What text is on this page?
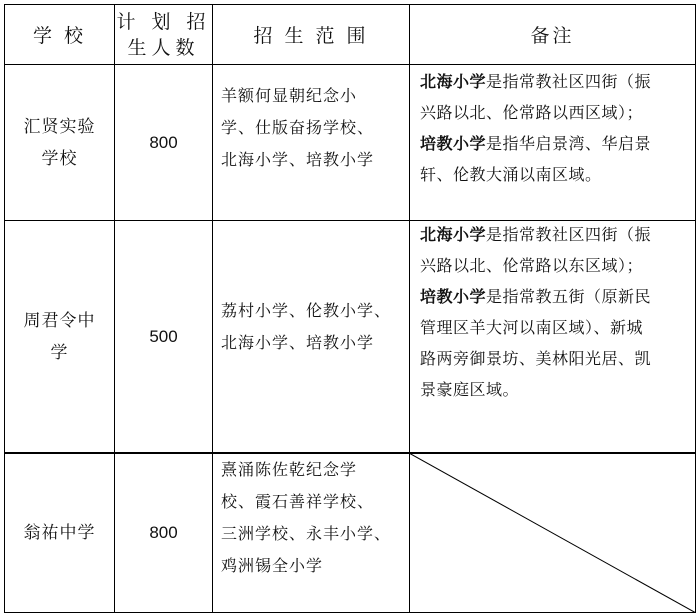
学 校
计 划 招
生人数
招 生 范 围	备注
汇贤实验
学校
800
羊额何显朝纪念小
学、仕版奋扬学校、
北海小学、培教小学
北海小学是指常教社区四街（振
兴路以北、伦常路以西区域）；
培教小学是指华启景湾、华启景
轩、伦教大涌以南区域。
周君令中
学
500
荔村小学、伦教小学、
北海小学、培教小学
北海小学是指常教社区四街（振
兴路以北、伦常路以东区域）；
培教小学是指常教五街（原新民
管理区羊大河以南区域）、新城
路两旁御景坊、美林阳光居、凯
景豪庭区域。
翁祐中学	800
熹涌陈佐乾纪念学
校、霞石善祥学校、
三洲学校、永丰小学、
鸡洲锡全小学
